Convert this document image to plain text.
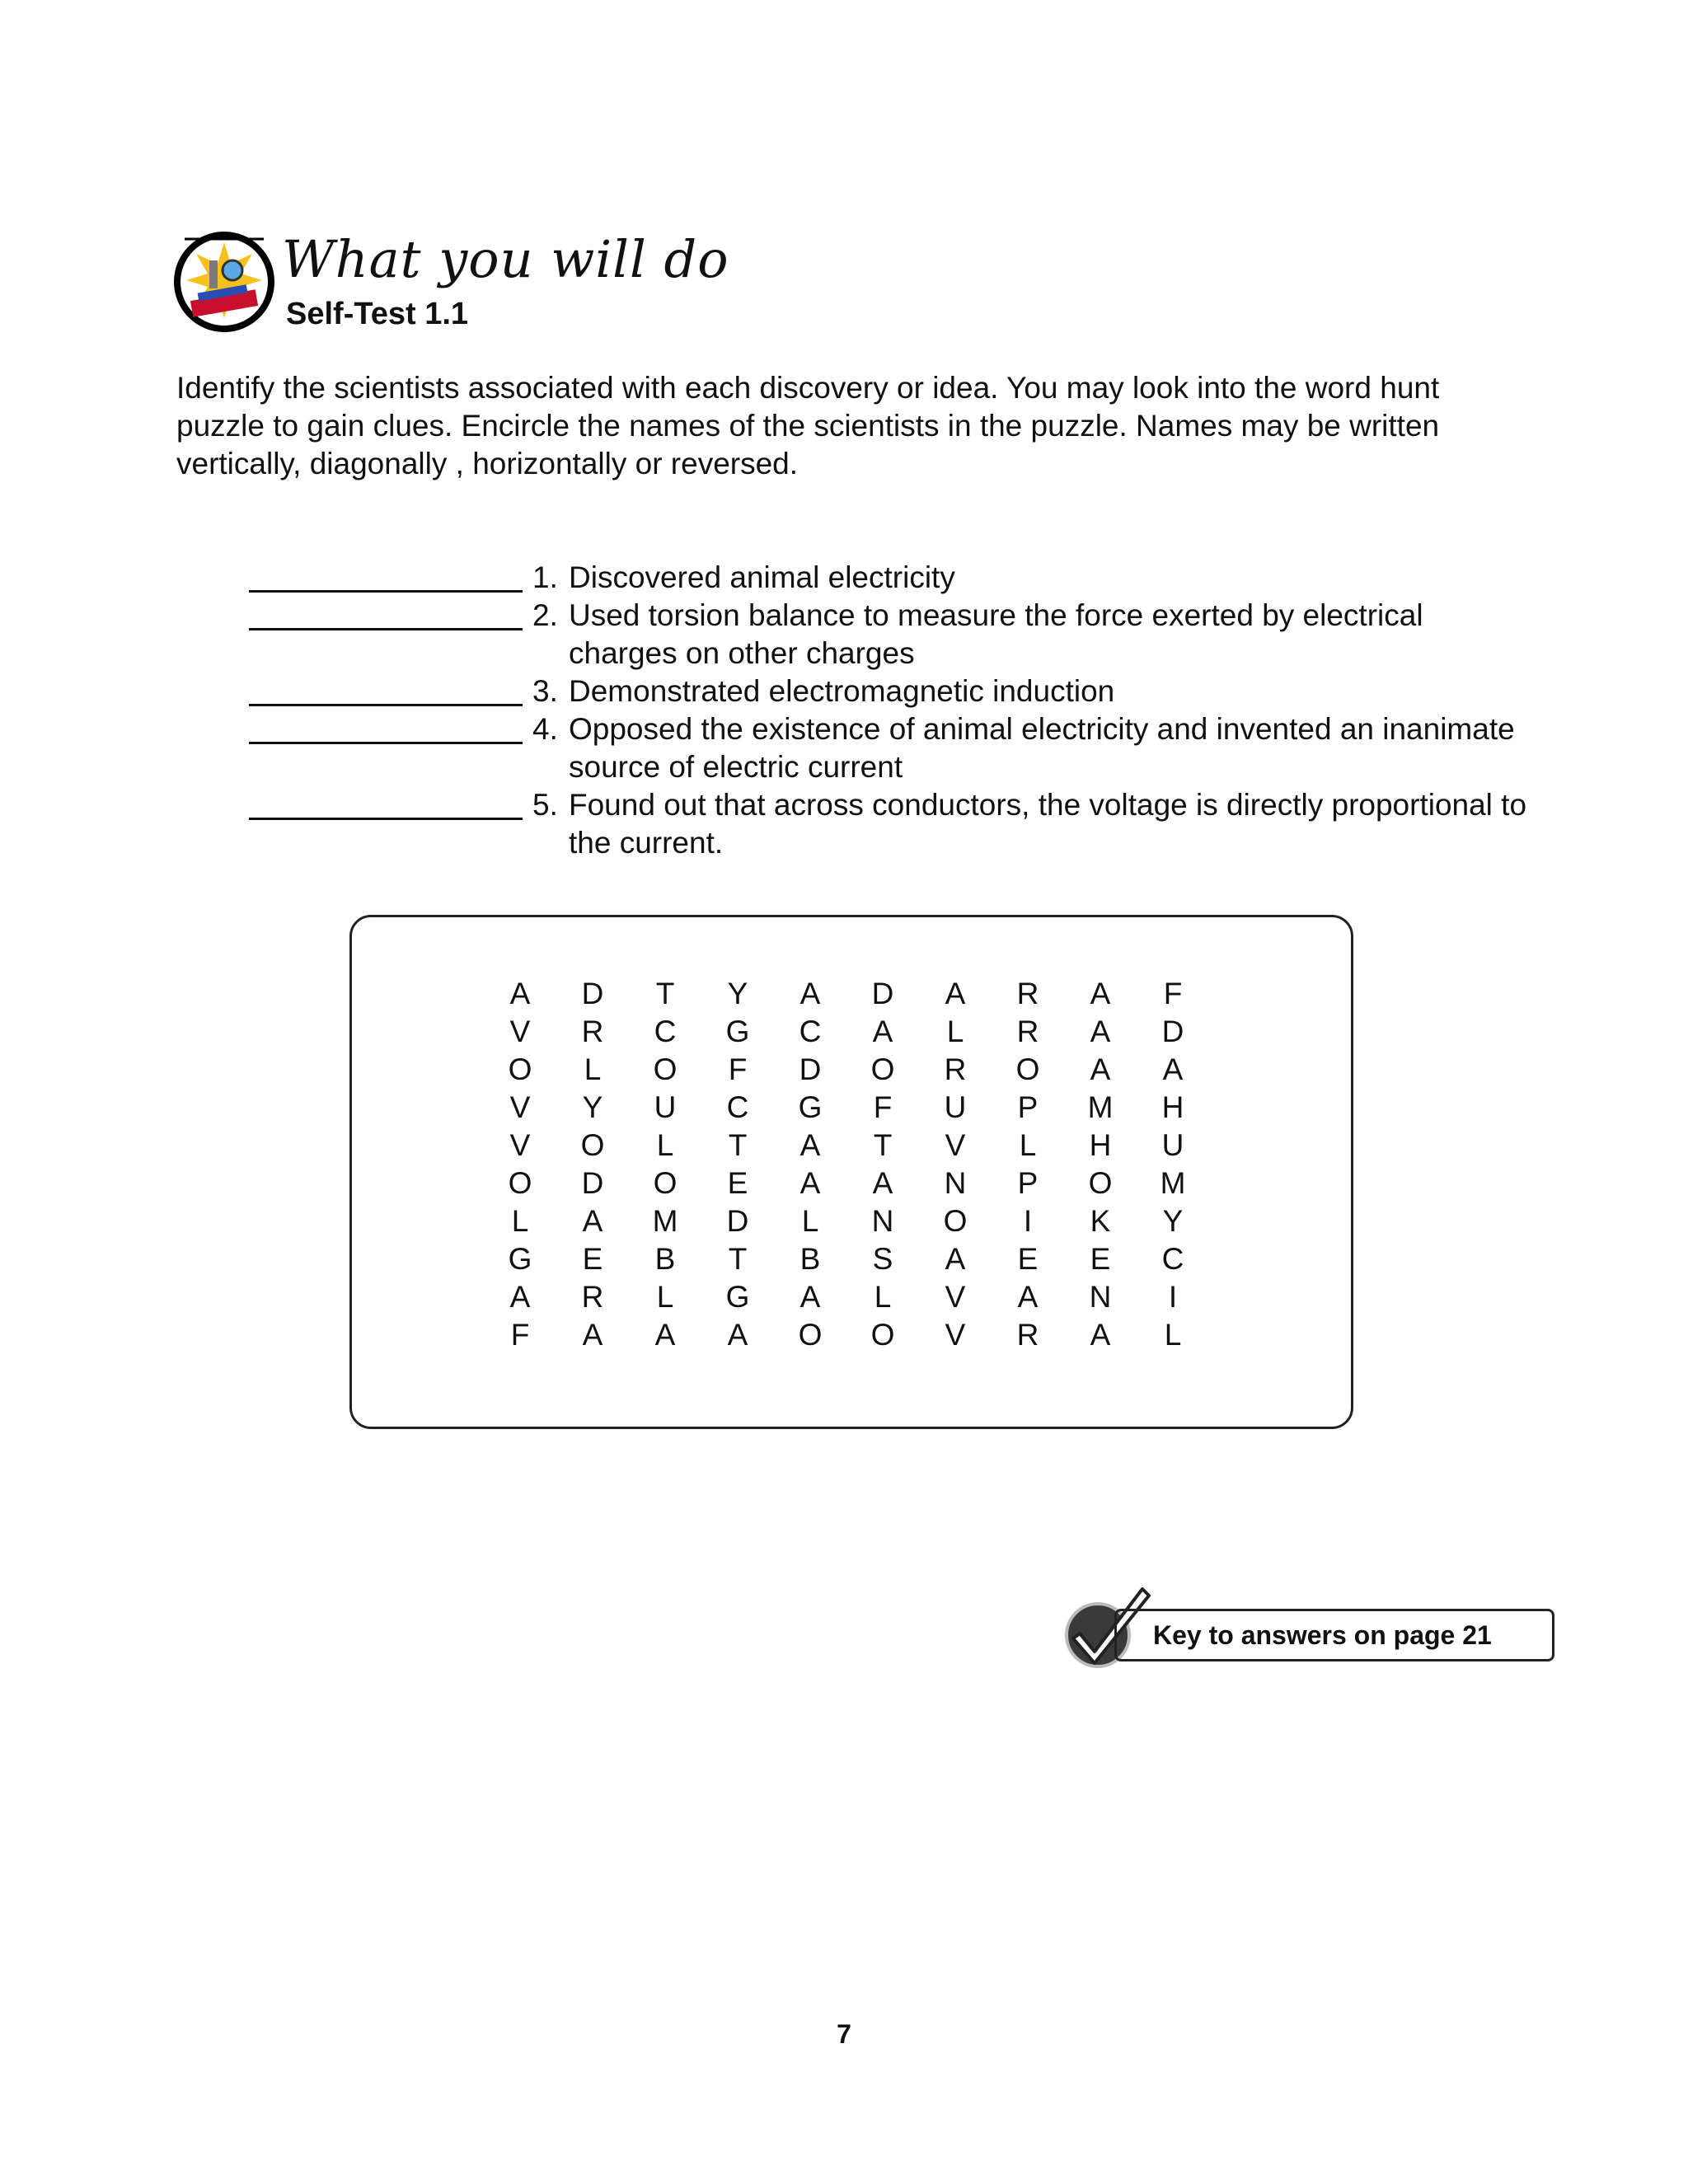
What you will do
Self-Test 1.1
Identify the scientists associated with each discovery or idea. You may look into the word hunt puzzle to gain clues. Encircle the names of the scientists in the puzzle. Names may be written vertically, diagonally , horizontally or reversed.
1. Discovered animal electricity
2. Used torsion balance to measure the force exerted by electrical charges on other charges
3. Demonstrated electromagnetic induction
4. Opposed the existence of animal electricity and invented an inanimate source of electric current
5. Found out that across conductors, the voltage is directly proportional to the current.
A	D	T	Y	A	D	A	R	A	F
V	R	C	G	C	A	L	R	A	D
O	L	O	F	D	O	R	O	A	A
V	Y	U	C	G	F	U	P	M	H
V	O	L	T	A	T	V	L	H	U
O	D	O	E	A	A	N	P	O	M
L	A	M	D	L	N	O	I	K	Y
G	E	B	T	B	S	A	E	E	C
A	R	L	G	A	L	V	A	N	I
F	A	A	A	O	O	V	R	A	L
Key to answers on page 21
7
